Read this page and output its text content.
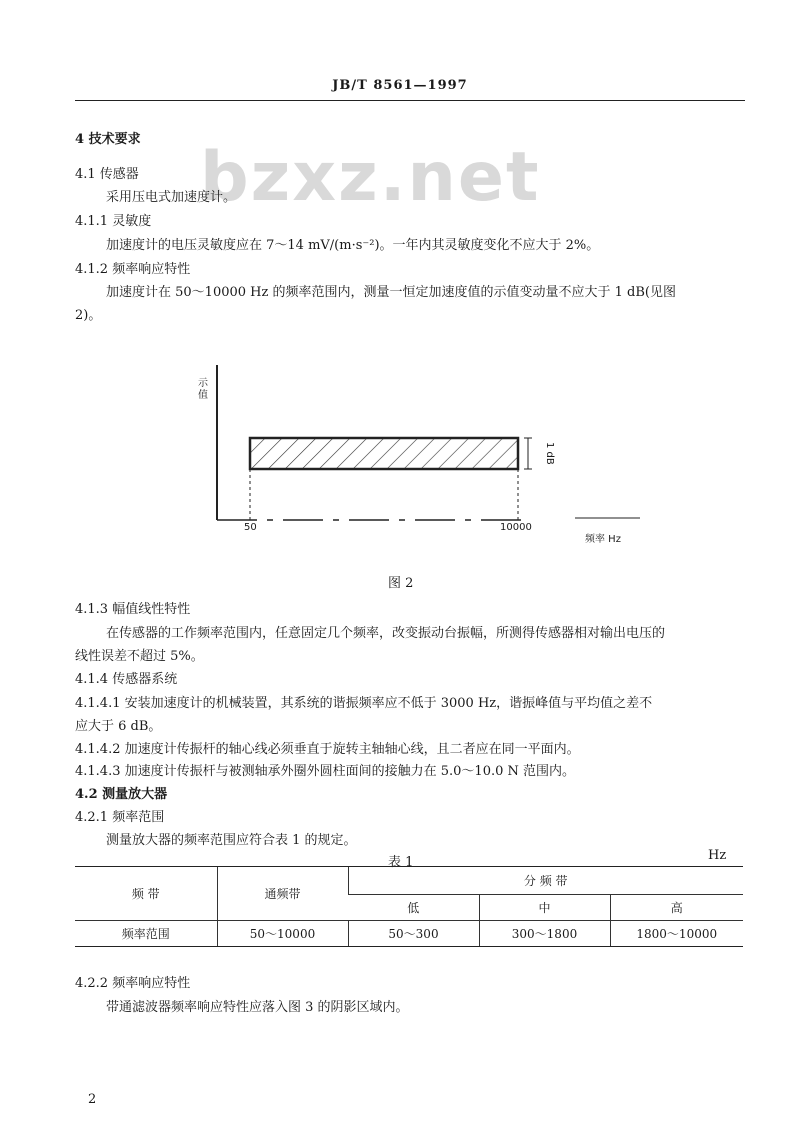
JB/T 8561—1997
bzxz.net
4 技术要求
4.1 传感器
采用压电式加速度计。
4.1.1 灵敏度
加速度计的电压灵敏度应在 7～14 mV/(m·s⁻²)。一年内其灵敏度变化不应大于 2%。
4.1.2 频率响应特性
加速度计在 50～10000 Hz 的频率范围内，测量一恒定加速度值的示值变动量不应大于 1 dB(见图
2)。
示值
1 dB
50	10000
频率 Hz
图 2
4.1.3 幅值线性特性
在传感器的工作频率范围内，任意固定几个频率，改变振动台振幅，所测得传感器相对输出电压的
线性误差不超过 5%。
4.1.4 传感器系统
4.1.4.1 安装加速度计的机械装置，其系统的谐振频率应不低于 3000 Hz，谐振峰值与平均值之差不
应大于 6 dB。
4.1.4.2 加速度计传振杆的轴心线必须垂直于旋转主轴轴心线，且二者应在同一平面内。
4.1.4.3 加速度计传振杆与被测轴承外圈外圆柱面间的接触力在 5.0～10.0 N 范围内。
4.2 测量放大器
4.2.1 频率范围
测量放大器的频率范围应符合表 1 的规定。
表 1	Hz
频 带	通频带	分 频 带		
		低	中	高
频率范围	50～10000	50～300	300～1800	1800～10000
4.2.2 频率响应特性
带通滤波器频率响应特性应落入图 3 的阴影区域内。
2
